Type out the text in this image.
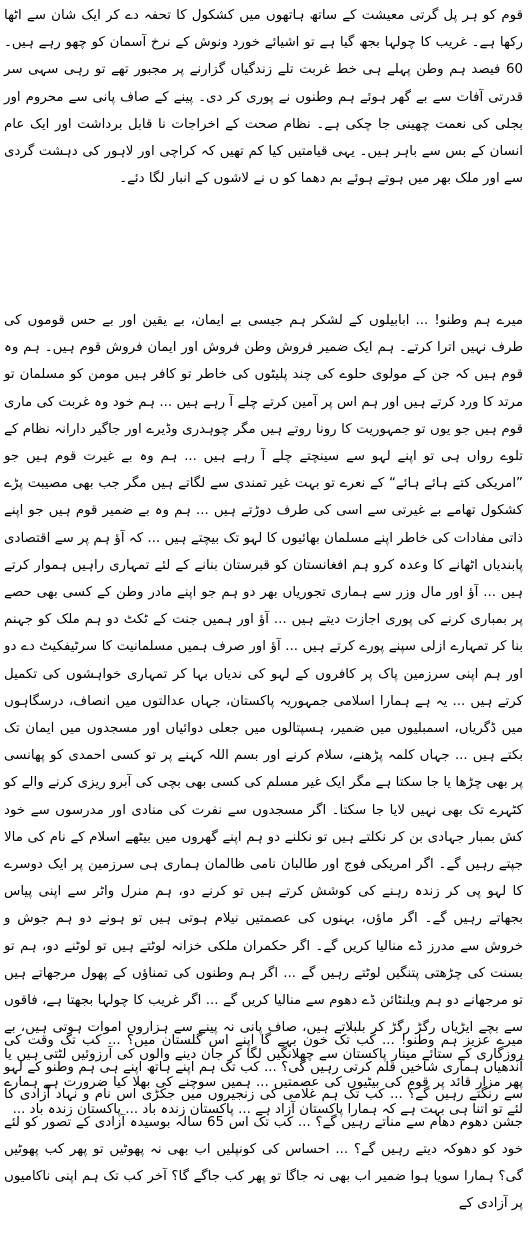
قوم کو ہر پل گرتی معیشت کے ساتھ ہاتھوں میں کشکول کا تحفہ دے کر ایک شان سے اٹھا رکھا ہے۔ غریب کا چولہا بجھ گیا ہے تو اشیائے خورد ونوش کے نرخ آسمان کو چھو رہے ہیں۔ 60 فیصد ہم وطن پہلے ہی خط غربت تلے زندگیاں گزارنے پر مجبور تھے تو رہی سہی سر قدرتی آفات سے بے گھر ہوئے ہم وطنوں نے پوری کر دی۔ پینے کے صاف پانی سے محروم اور بجلی کی نعمت چھینی جا چکی ہے۔ نظام صحت کے اخراجات نا قابل برداشت اور ایک عام انسان کے بس سے باہر ہیں۔ یہی قیامتیں کیا کم تھیں کہ کراچی اور لاہور کی دہشت گردی سے اور ملک بھر میں ہوتے ہوئے بم دھما کو ں نے لاشوں کے انبار لگا دئے۔

میرے ہم وطنو! ... ابابیلوں کے لشکر ہم جیسی بے ایمان، بے یقین اور بے حس قوموں کی طرف نہیں اترا کرتے۔ ہم ایک ضمیر فروش وطن فروش اور ایمان فروش قوم ہیں۔ ہم وہ قوم ہیں کہ جن کے مولوی حلوے کی چند پلیٹوں کی خاطر تو کافر ہیں مومن کو مسلمان تو مرتد کا ورد کرتے ہیں اور ہم اس پر آمین کرتے چلے آ رہے ہیں ... ہم خود وہ غربت کی ماری قوم ہیں جو یوں تو جمہوریت کا رونا روتے ہیں مگر چوہدری وڈیرے اور جاگیر دارانہ نظام کے تلوے رواں ہی تو اپنے لہو سے سینچتے چلے آ رہے ہیں ... ہم وہ بے غیرت قوم ہیں جو ”امریکی کتے ہائے ہائے“ کے نعرے تو بہت غیر تمندی سے لگاتے ہیں مگر جب بھی مصیبت پڑے کشکول تھامے بے غیرتی سے اسی کی طرف دوڑتے ہیں ... ہم وہ بے ضمیر قوم ہیں جو اپنے ذاتی مفادات کی خاطر اپنے مسلمان بھائیوں کا لہو تک بیچتے ہیں ... کہ آؤ ہم پر سے اقتصادی پابندیاں اٹھانے کا وعدہ کرو ہم افغانستان کو قبرستان بنانے کے لئے تمہاری راہیں ہموار کرتے ہیں ... آؤ اور مال وزر سے ہماری تجوریاں بھر دو ہم جو اپنے مادر وطن کے کسی بھی حصے پر بمباری کرنے کی پوری اجازت دیتے ہیں ... آؤ اور ہمیں جنت کے ٹکٹ دو ہم ملک کو جہنم بنا کر تمہارے ازلی سپنے پورے کرتے ہیں ... آؤ اور صرف ہمیں مسلمانیت کا سرٹیفکیٹ دے دو اور ہم اپنی سرزمین پاک پر کافروں کے لہو کی ندیاں بہا کر تمہاری خواہشوں کی تکمیل کرتے ہیں ... یہ ہے ہمارا اسلامی جمہوریہ پاکستان، جہاں عدالتوں میں انصاف، درسگاہوں میں ڈگریاں، اسمبلیوں میں ضمیر، ہسپتالوں میں جعلی دوائیاں اور مسجدوں میں ایمان تک بکتے ہیں ... جہاں کلمہ پڑھنے، سلام کرنے اور بسم اللہ کہنے پر تو کسی احمدی کو پھانسی پر بھی چڑھا یا جا سکتا ہے مگر ایک غیر مسلم کی کسی بھی بچی کی آبرو ریزی کرنے والے کو کٹہرے تک بھی نہیں لایا جا سکتا۔ اگر مسجدوں سے نفرت کی منادی اور مدرسوں سے خود کش بمبار جہادی بن کر نکلتے ہیں تو نکلنے دو ہم اپنے گھروں میں بیٹھے اسلام کے نام کی مالا جپتے رہیں گے۔ اگر امریکی فوج اور طالبان نامی ظالمان ہماری ہی سرزمین پر ایک دوسرے کا لہو پی کر زندہ رہنے کی کوشش کرتے ہیں تو کرنے دو، ہم منرل واٹر سے اپنی پیاس بجھاتے رہیں گے۔ اگر ماؤں، بہنوں کی عصمتیں نیلام ہوتی ہیں تو ہونے دو ہم جوش و خروش سے مدرز ڈے منالیا کریں گے۔ اگر حکمران ملکی خزانہ لوٹتے ہیں تو لوٹنے دو، ہم تو بسنت کی چڑھتی پتنگیں لوٹتے رہیں گے ... اگر ہم وطنوں کی تمناؤں کے پھول مرجھاتے ہیں تو مرجھانے دو ہم ویلنٹائن ڈے دھوم سے منالیا کریں گے ... اگر غریب کا چولہا بجھتا ہے، فاقوں سے بچے ایڑیاں رگڑ رگڑ کر بلبلاتے ہیں، صاف پانی نہ پینے سے ہزاروں اموات ہوتی ہیں، بے روزگاری کے ستائے مینار پاکستان سے چھلانگیں لگا کر جان دینے والوں کی آرزوئیں لٹتی ہیں یا پھر مزار قائد پر قوم کی بیٹیوں کی عصمتیں ... ہمیں سوچنے کی بھلا کیا ضرورت ہے ہمارے لئے تو اتنا ہی بہت ہے کہ ہمارا پاکستان آزاد ہے ... پاکستان زندہ باد ... پاکستان زندہ باد ...

میرے عزیز ہم وطنو! ... کب تک خون بہے گا اپنے اس گلستان میں؟ ... کب تک وقت کی آندھیاں ہماری شاخیں قلم کرتی رہیں گی؟ ... کب تک ہم اپنے ہاتھ اپنے ہی ہم وطنو کے لہو سے رنگتے رہیں گے؟ ... کب تک ہم غلامی کی زنجیروں میں جکڑی اس نام و نہاد آزادی کا جشن دھوم دھام سے مناتے رہیں گے؟ ... کب تک اس 65 سالہ بوسیدہ آزادی کے تصور کو لئے خود کو دھوکہ دیتے رہیں گے؟ ... احساس کی کونپلیں اب بھی نہ پھوٹیں تو پھر کب پھوٹیں گی؟ ہمارا سویا ہوا ضمیر اب بھی نہ جاگا تو پھر کب جاگے گا؟ آخر کب تک ہم اپنی ناکامیوں پر آزادی کے
